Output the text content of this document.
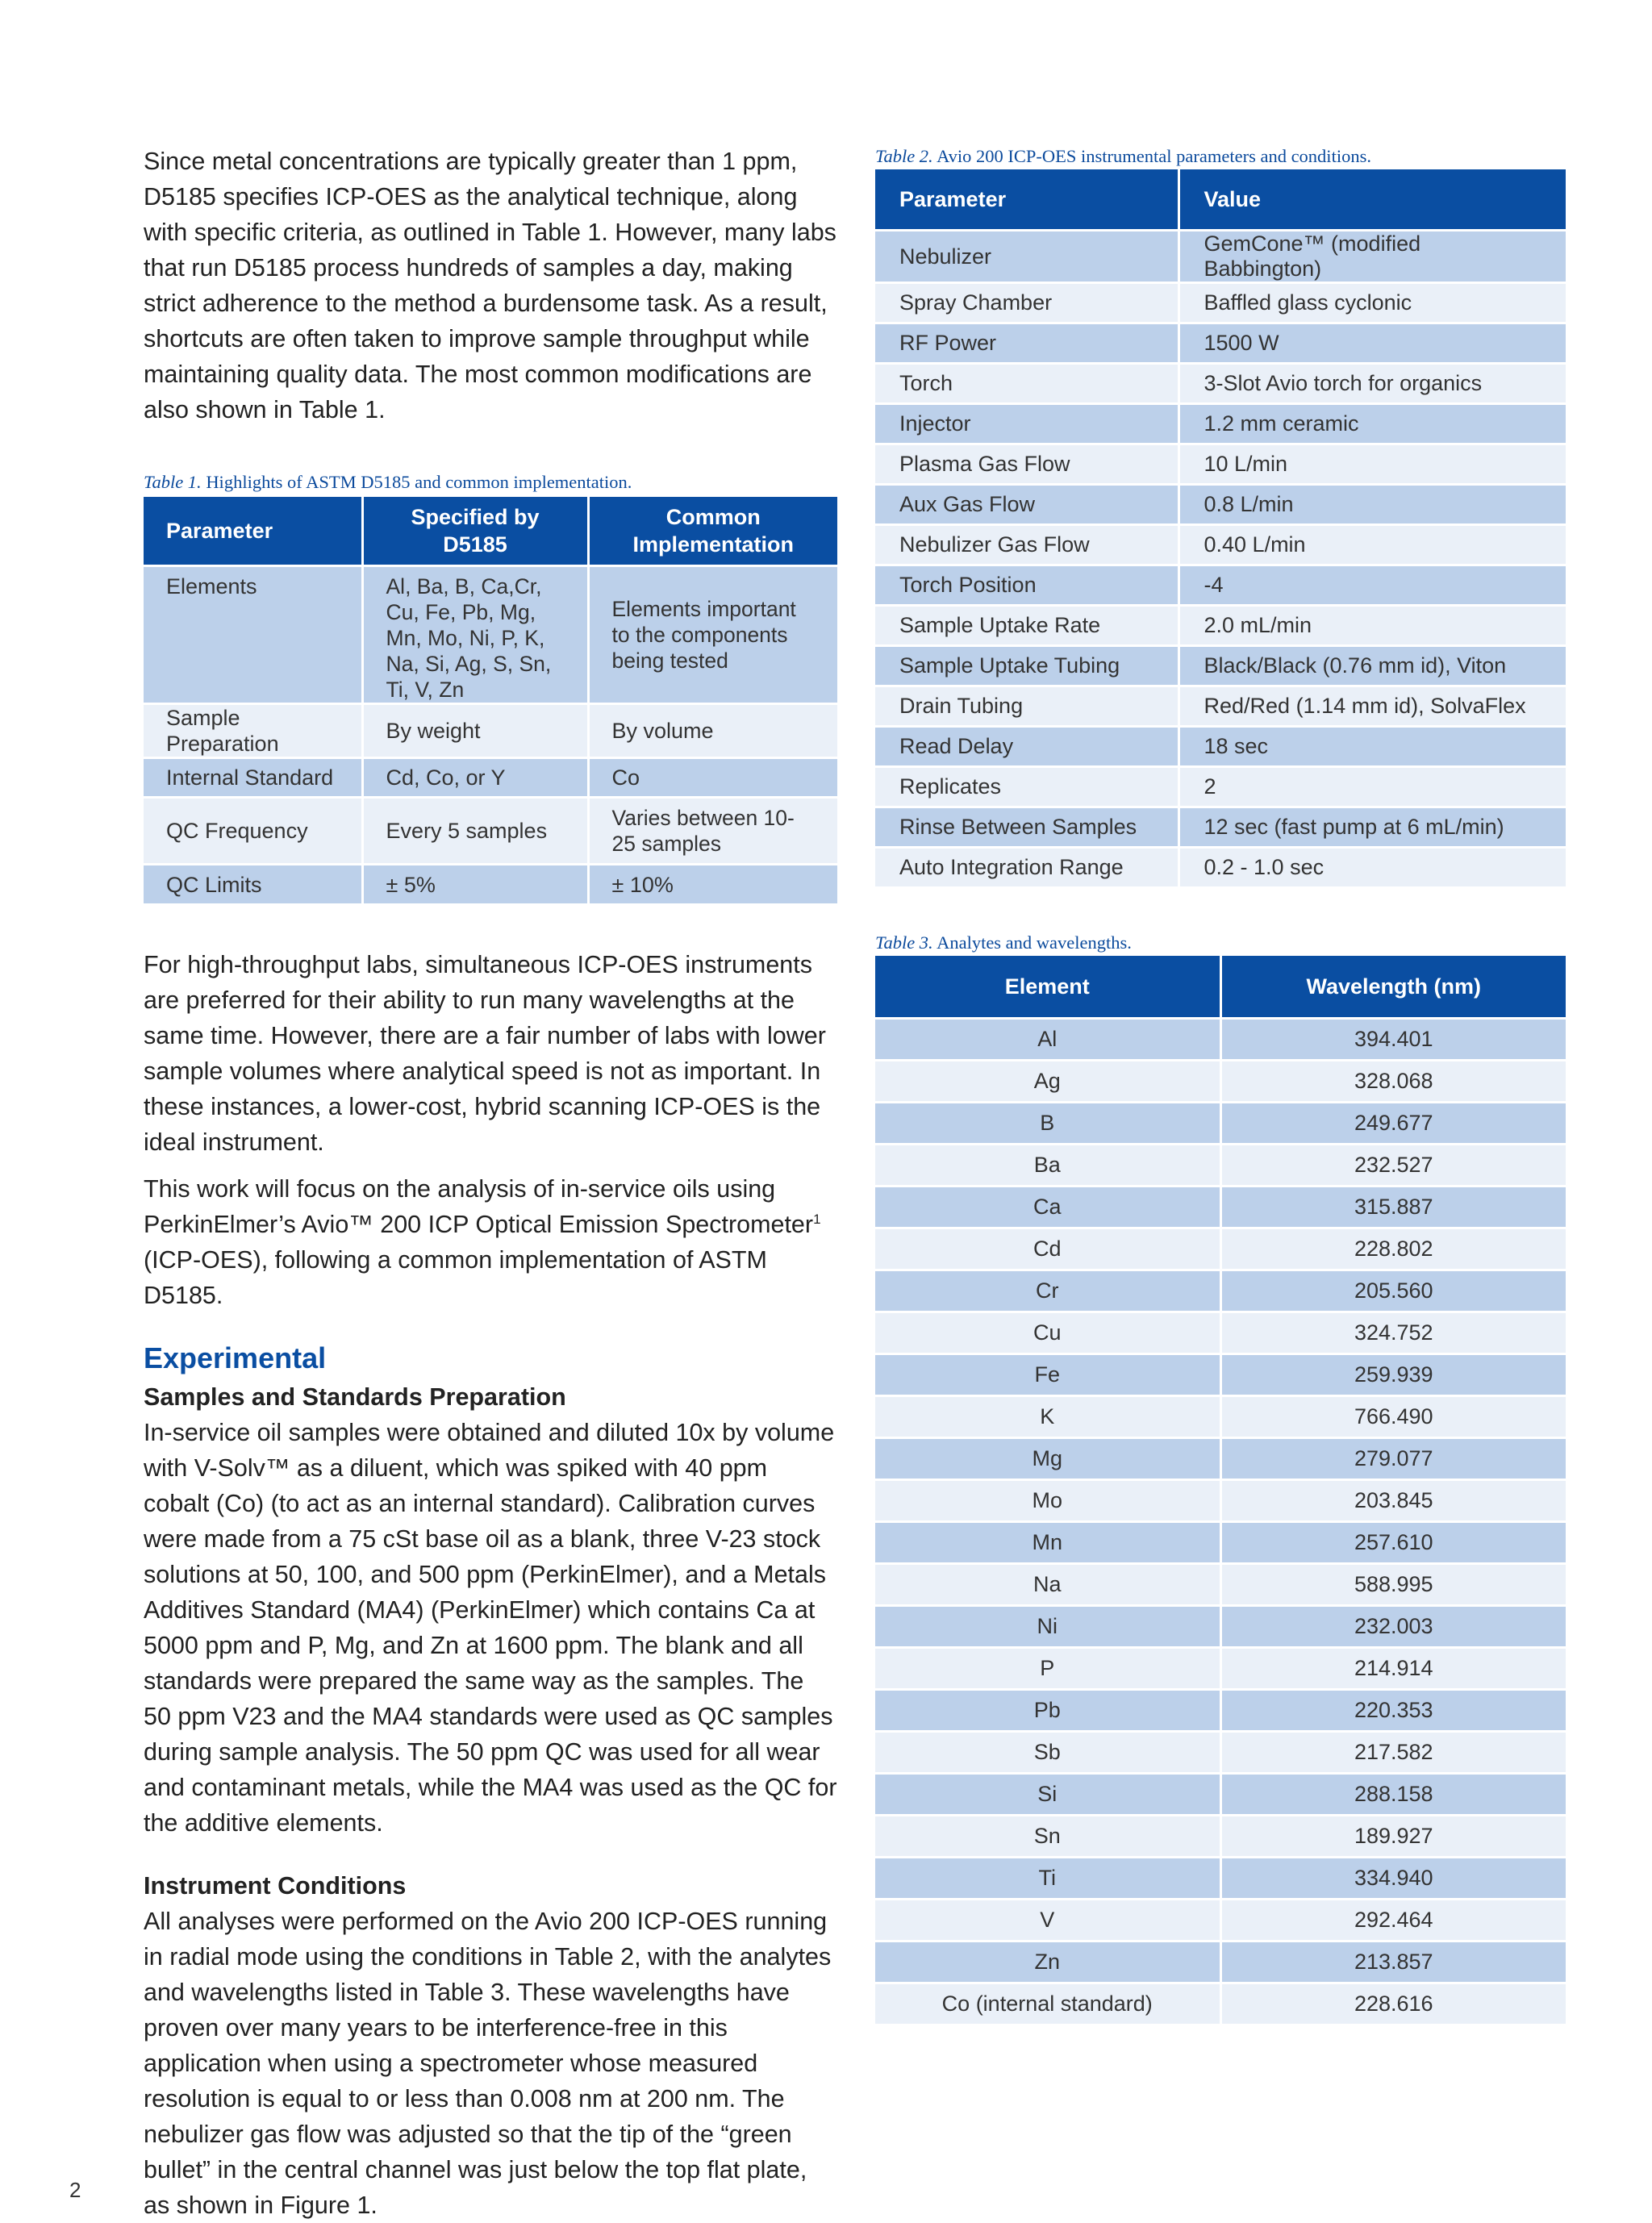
Since metal concentrations are typically greater than 1 ppm, D5185 specifies ICP-OES as the analytical technique, along with specific criteria, as outlined in Table 1. However, many labs that run D5185 process hundreds of samples a day, making strict adherence to the method a burdensome task. As a result, shortcuts are often taken to improve sample throughput while maintaining quality data. The most common modifications are also shown in Table 1.

Table 1. Highlights of ASTM D5185 and common implementation.

Parameter	Specified by D5185	Common Implementation
Elements	Al, Ba, B, Ca,Cr, Cu, Fe, Pb, Mg, Mn, Mo, Ni, P, K, Na, Si, Ag, S, Sn, Ti, V, Zn	Elements important to the components being tested
Sample Preparation	By weight	By volume
Internal Standard	Cd, Co, or Y	Co
QC Frequency	Every 5 samples	Varies between 10-25 samples
QC Limits	± 5%	± 10%

For high-throughput labs, simultaneous ICP-OES instruments are preferred for their ability to run many wavelengths at the same time. However, there are a fair number of labs with lower sample volumes where analytical speed is not as important. In these instances, a lower-cost, hybrid scanning ICP-OES is the ideal instrument.

This work will focus on the analysis of in-service oils using PerkinElmer’s Avio™ 200 ICP Optical Emission Spectrometer$^1$ (ICP-OES), following a common implementation of ASTM D5185.

Experimental

Samples and Standards Preparation

In-service oil samples were obtained and diluted 10x by volume with V-Solv™ as a diluent, which was spiked with 40 ppm cobalt (Co) (to act as an internal standard). Calibration curves were made from a 75 cSt base oil as a blank, three V-23 stock solutions at 50, 100, and 500 ppm (PerkinElmer), and a Metals Additives Standard (MA4) (PerkinElmer) which contains Ca at 5000 ppm and P, Mg, and Zn at 1600 ppm. The blank and all standards were prepared the same way as the samples. The 50 ppm V23 and the MA4 standards were used as QC samples during sample analysis. The 50 ppm QC was used for all wear and contaminant metals, while the MA4 was used as the QC for the additive elements.

Instrument Conditions

All analyses were performed on the Avio 200 ICP-OES running in radial mode using the conditions in Table 2, with the analytes and wavelengths listed in Table 3. These wavelengths have proven over many years to be interference-free in this application when using a spectrometer whose measured resolution is equal to or less than 0.008 nm at 200 nm. The nebulizer gas flow was adjusted so that the tip of the “green bullet” in the central channel was just below the top flat plate, as shown in Figure 1.

Table 2. Avio 200 ICP-OES instrumental parameters and conditions.

Parameter	Value
Nebulizer	GemCone™ (modified Babbington)
Spray Chamber	Baffled glass cyclonic
RF Power	1500 W
Torch	3-Slot Avio torch for organics
Injector	1.2 mm ceramic
Plasma Gas Flow	10 L/min
Aux Gas Flow	0.8 L/min
Nebulizer Gas Flow	0.40 L/min
Torch Position	-4
Sample Uptake Rate	2.0 mL/min
Sample Uptake Tubing	Black/Black (0.76 mm id), Viton
Drain Tubing	Red/Red (1.14 mm id), SolvaFlex
Read Delay	18 sec
Replicates	2
Rinse Between Samples	12 sec (fast pump at 6 mL/min)
Auto Integration Range	0.2 - 1.0 sec

Table 3. Analytes and wavelengths.

Element	Wavelength (nm)
Al	394.401
Ag	328.068
B	249.677
Ba	232.527
Ca	315.887
Cd	228.802
Cr	205.560
Cu	324.752
Fe	259.939
K	766.490
Mg	279.077
Mo	203.845
Mn	257.610
Na	588.995
Ni	232.003
P	214.914
Pb	220.353
Sb	217.582
Si	288.158
Sn	189.927
Ti	334.940
V	292.464
Zn	213.857
Co (internal standard)	228.616
2
